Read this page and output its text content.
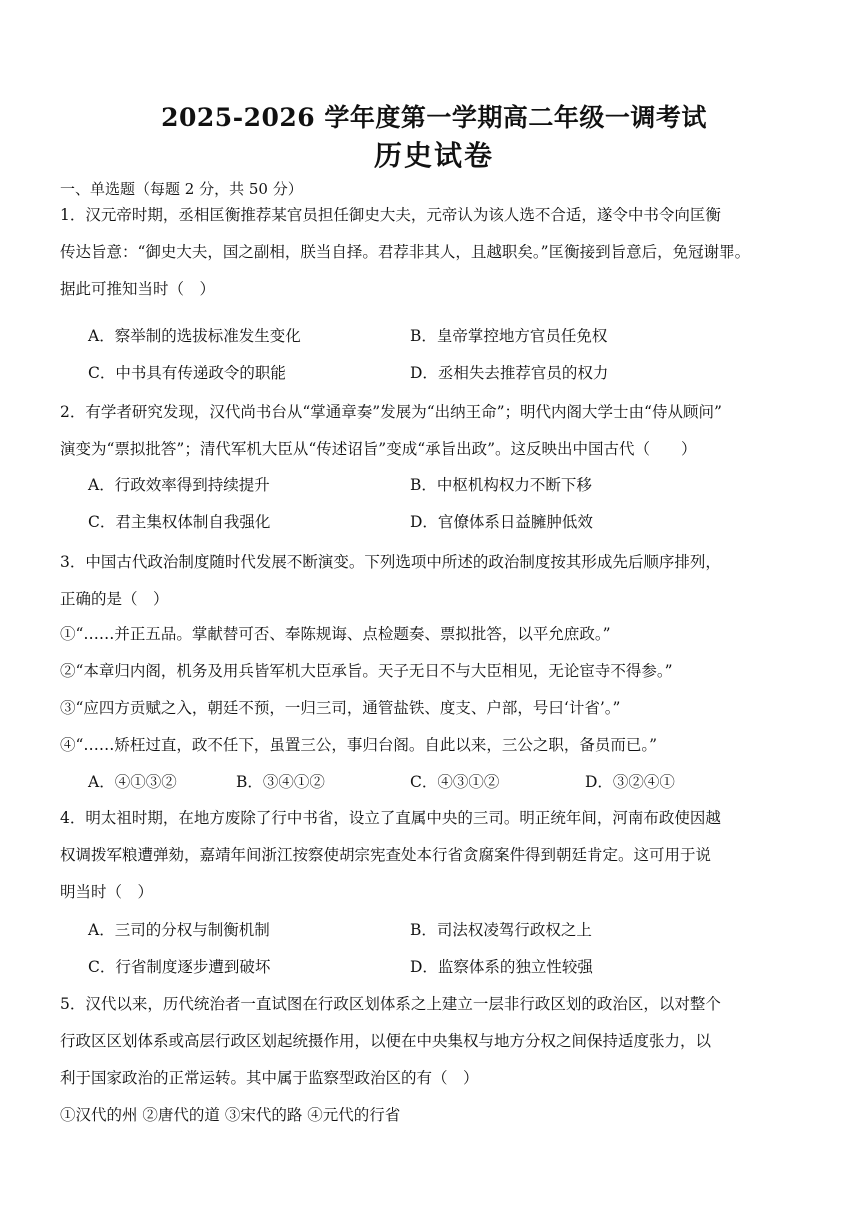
2025-2026 学年度第一学期高二年级一调考试
历史试卷
一、单选题（每题 2 分，共 50 分）

1．汉元帝时期，丞相匡衡推荐某官员担任御史大夫，元帝认为该人选不合适，遂令中书令向匡衡

传达旨意：“御史大夫，国之副相，朕当自择。君荐非其人，且越职矣。”匡衡接到旨意后，免冠谢罪。

据此可推知当时（　）

A．察举制的选拔标准发生变化	B．皇帝掌控地方官员任免权
C．中书具有传递政令的职能	D．丞相失去推荐官员的权力

2．有学者研究发现，汉代尚书台从“掌通章奏”发展为“出纳王命”；明代内阁大学士由“侍从顾问”

演变为“票拟批答”；清代军机大臣从“传述诏旨”变成“承旨出政”。这反映出中国古代（　　）

A．行政效率得到持续提升	B．中枢机构权力不断下移
C．君主集权体制自我强化	D．官僚体系日益臃肿低效

3．中国古代政治制度随时代发展不断演变。下列选项中所述的政治制度按其形成先后顺序排列，

正确的是（　）

①“……并正五品。掌献替可否、奉陈规诲、点检题奏、票拟批答，以平允庶政。”
②“本章归内阁，机务及用兵皆军机大臣承旨。天子无日不与大臣相见，无论宦寺不得参。”
③“应四方贡赋之入，朝廷不预，一归三司，通管盐铁、度支、户部，号曰‘计省’。”
④“……矫枉过直，政不任下，虽置三公，事归台阁。自此以来，三公之职，备员而已。”
A．④①③②	B．③④①②	C．④③①②	D．③②④①

4．明太祖时期，在地方废除了行中书省，设立了直属中央的三司。明正统年间，河南布政使因越

权调拨军粮遭弹劾，嘉靖年间浙江按察使胡宗宪查处本行省贪腐案件得到朝廷肯定。这可用于说

明当时（　）

A．三司的分权与制衡机制	B．司法权凌驾行政权之上
C．行省制度逐步遭到破坏	D．监察体系的独立性较强

5．汉代以来，历代统治者一直试图在行政区划体系之上建立一层非行政区划的政治区，以对整个

行政区区划体系或高层行政区划起统摄作用，以便在中央集权与地方分权之间保持适度张力，以

利于国家政治的正常运转。其中属于监察型政治区的有（　）

①汉代的州 ②唐代的道 ③宋代的路 ④元代的行省
